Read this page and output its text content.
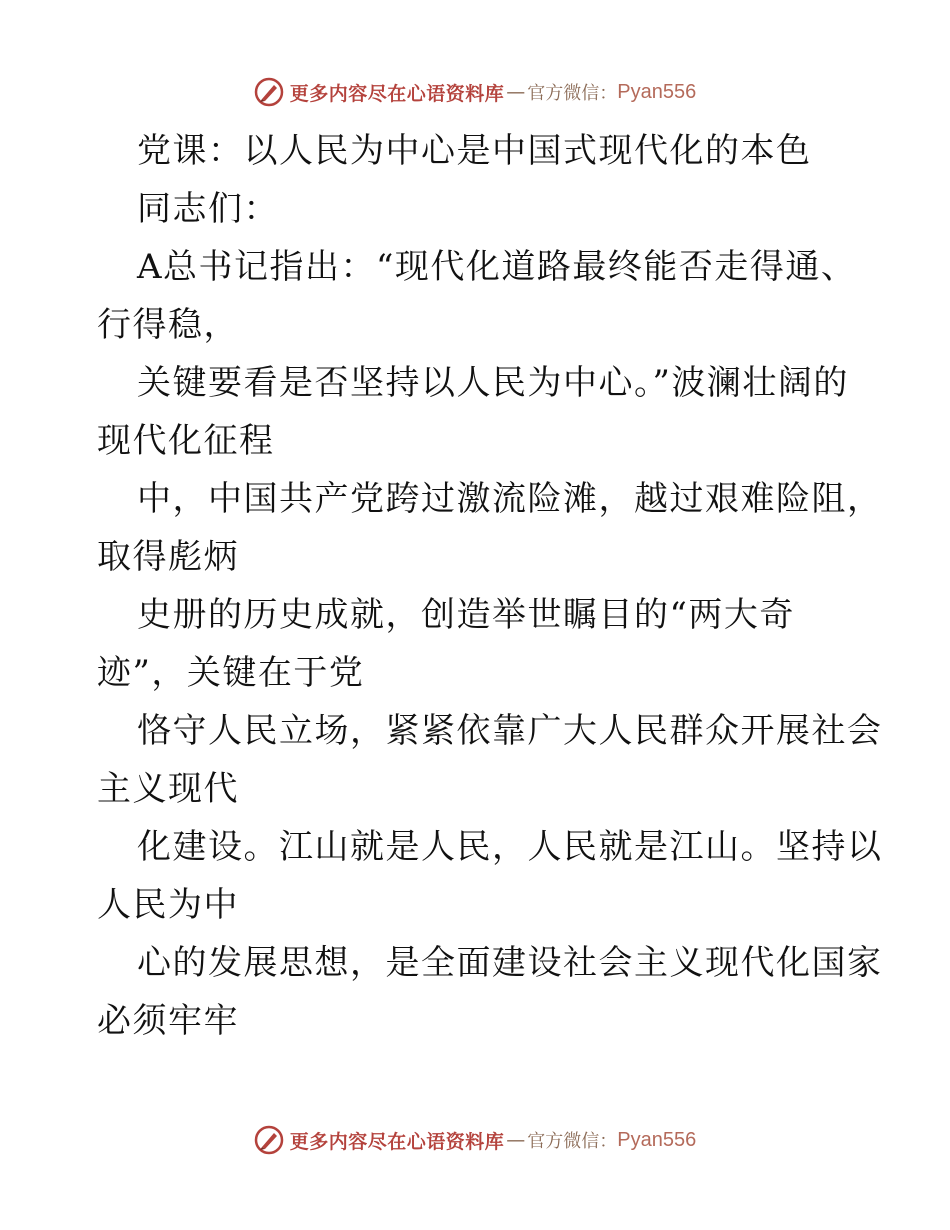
更多内容尽在心语资料库 — 官方微信： Pyan556
党课：以人民为中心是中国式现代化的本色
同志们：
A总书记指出：“现代化道路最终能否走得通、
行得稳，
关键要看是否坚持以人民为中心。”波澜壮阔的
现代化征程
中，中国共产党跨过激流险滩，越过艰难险阻，
取得彪炳
史册的历史成就，创造举世瞩目的“两大奇
迹”，关键在于党
恪守人民立场，紧紧依靠广大人民群众开展社会
主义现代
化建设。江山就是人民，人民就是江山。坚持以
人民为中
心的发展思想，是全面建设社会主义现代化国家
必须牢牢
更多内容尽在心语资料库 — 官方微信： Pyan556
